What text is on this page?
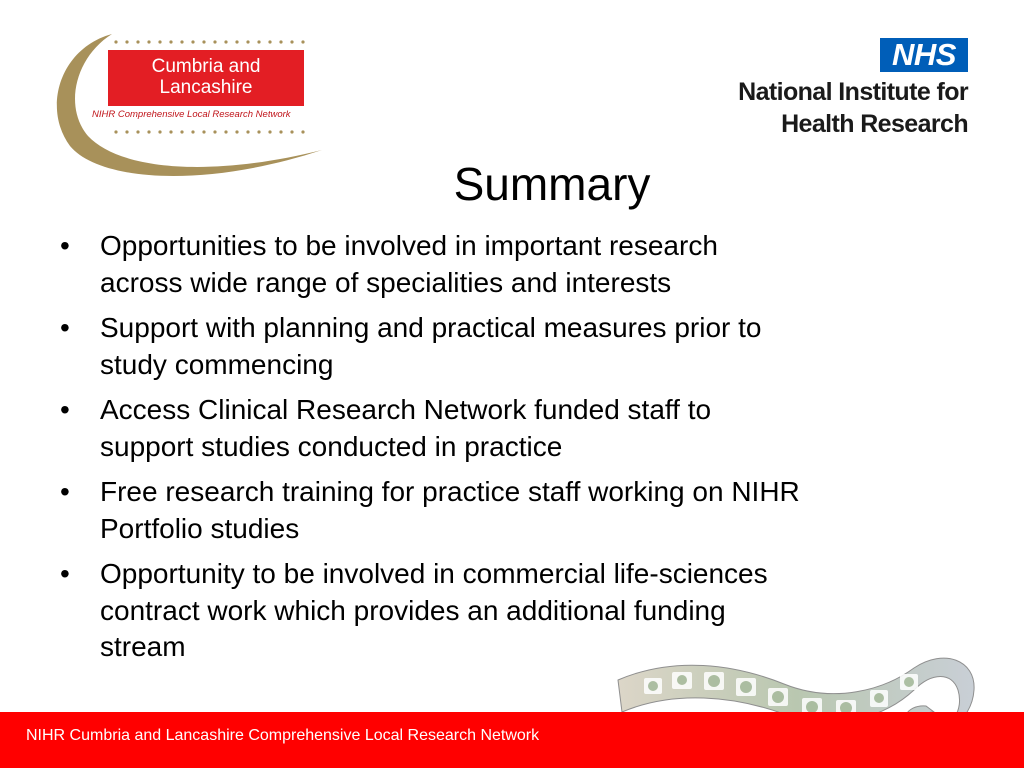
Cumbria and
Lancashire
NIHR Comprehensive Local Research Network
NHS
National Institute for
Health Research
Summary
• Opportunities to be involved in important research
across wide range of specialities and interests
• Support with planning and practical measures prior to
study commencing
• Access Clinical Research Network funded staff to
support studies conducted in practice
• Free research training for practice staff working on NIHR
Portfolio studies
• Opportunity to be involved in commercial life-sciences
contract work which provides an additional funding
stream
NIHR Cumbria and Lancashire Comprehensive Local Research Network
